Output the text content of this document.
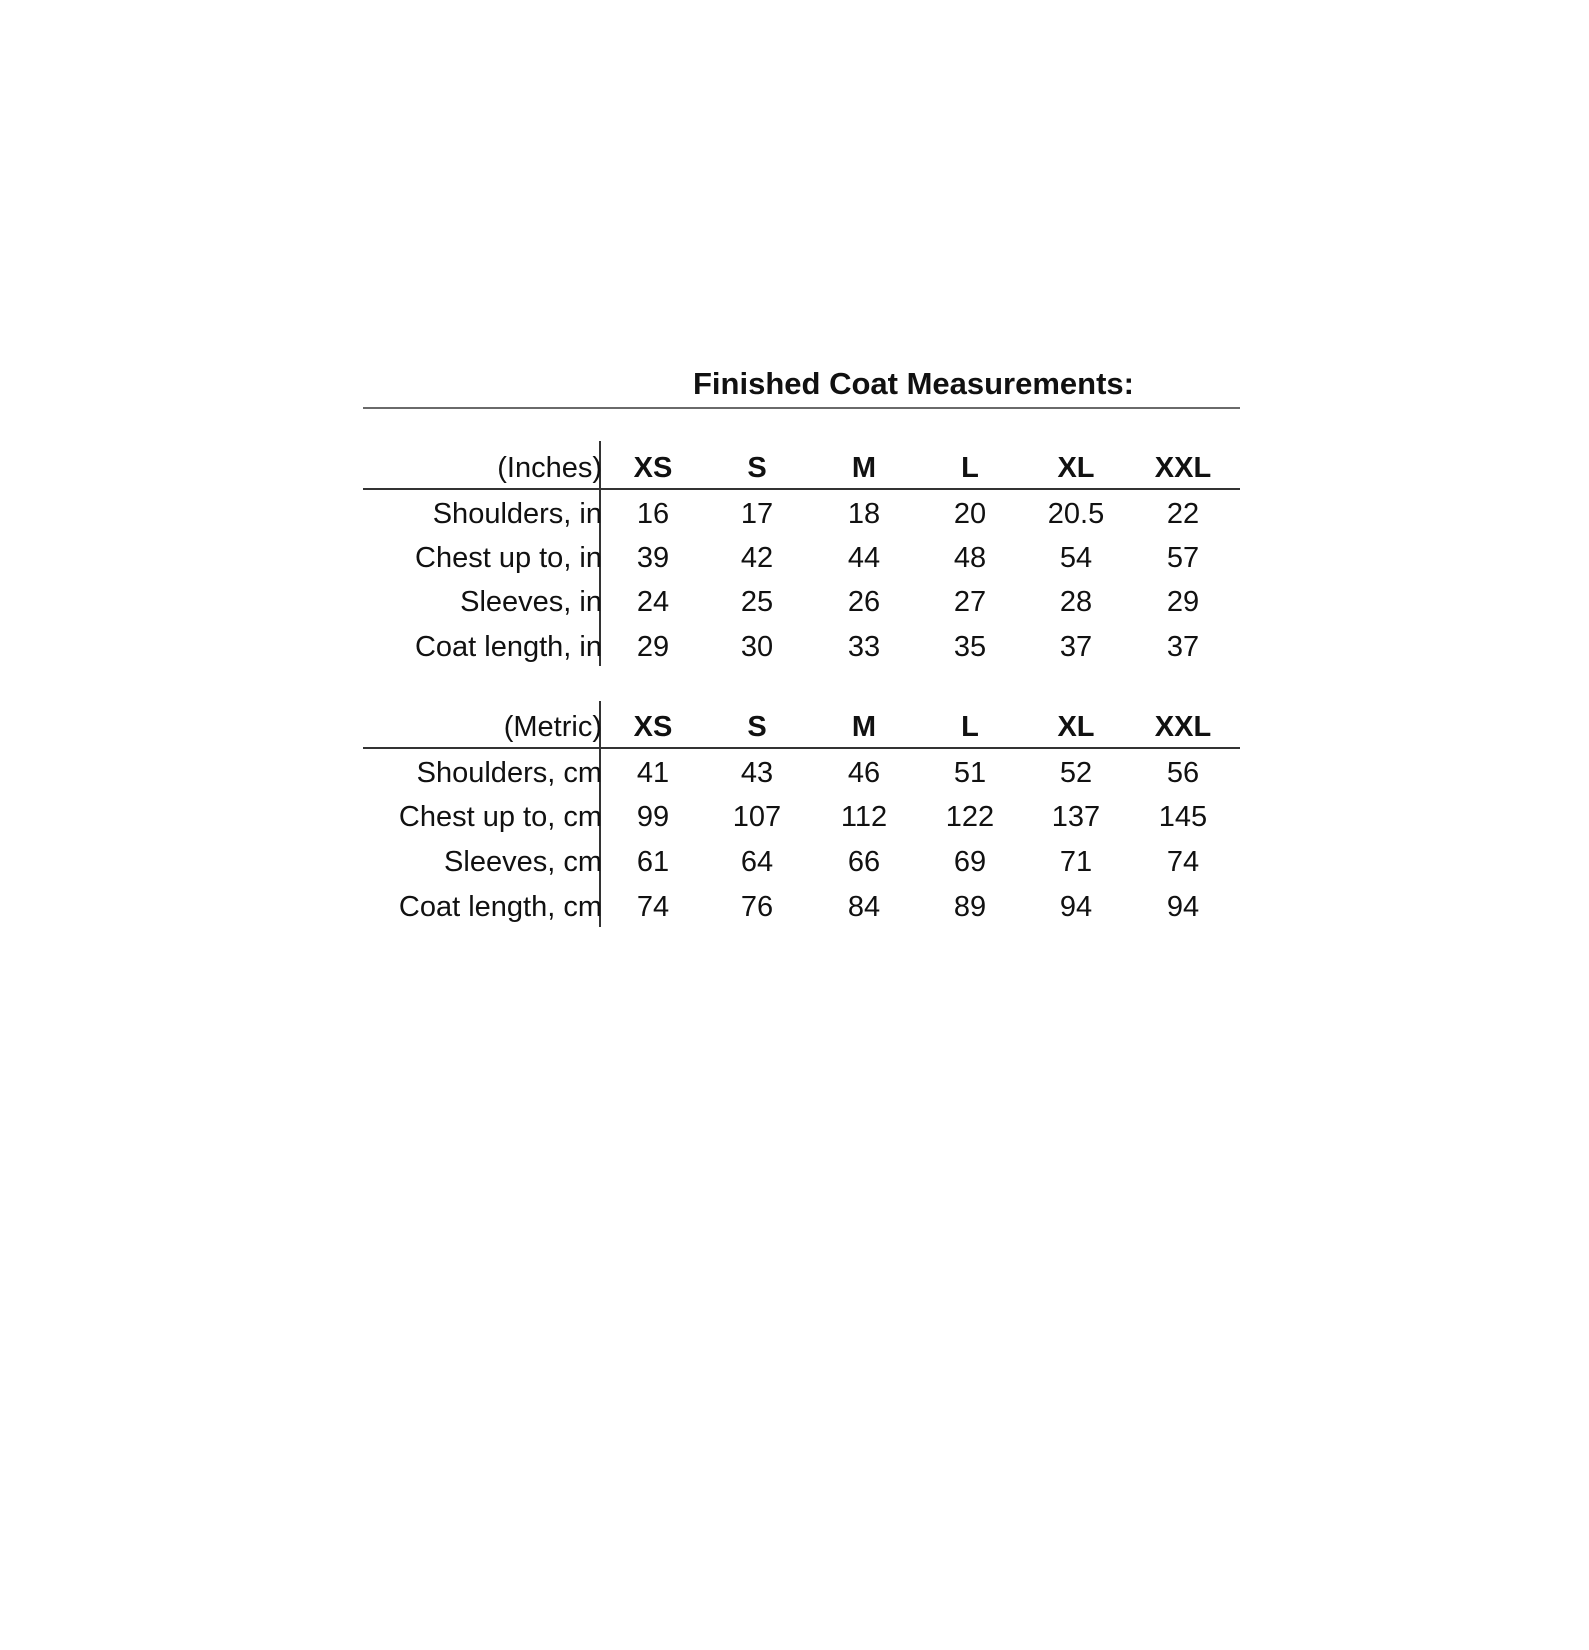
Finished Coat Measurements:
(Inches)	XS	S	M	L	XL	XXL
Shoulders, in	16	17	18	20	20.5	22
Chest up to, in	39	42	44	48	54	57
Sleeves, in	24	25	26	27	28	29
Coat length, in	29	30	33	35	37	37
(Metric)	XS	S	M	L	XL	XXL
Shoulders, cm	41	43	46	51	52	56
Chest up to, cm	99	107	112	122	137	145
Sleeves, cm	61	64	66	69	71	74
Coat length, cm	74	76	84	89	94	94
